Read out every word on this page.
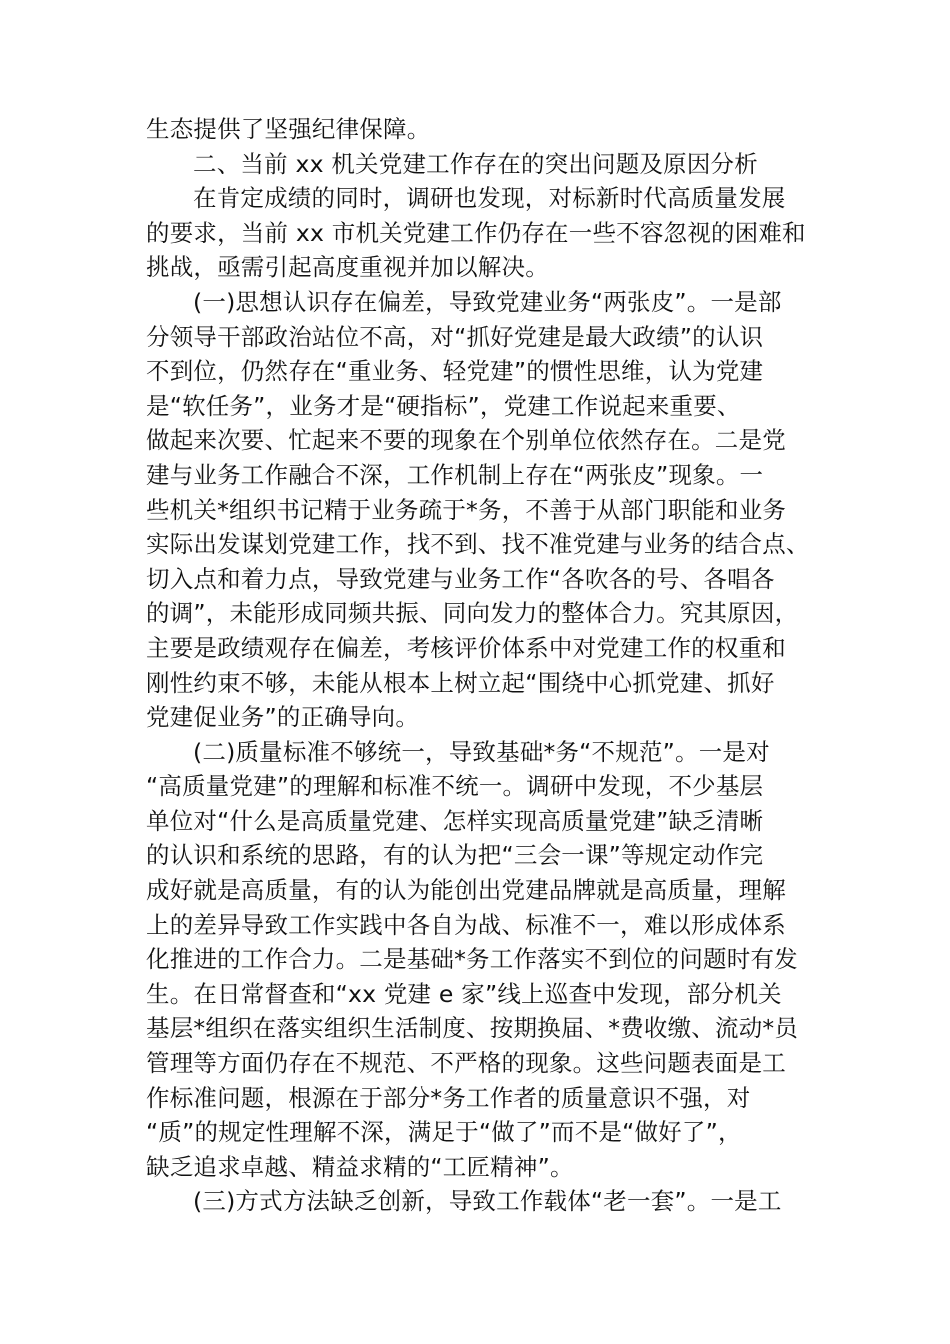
生态提供了坚强纪律保障。
二、当前 xx 机关党建工作存在的突出问题及原因分析
在肯定成绩的同时，调研也发现，对标新时代高质量发展
的要求，当前 xx 市机关党建工作仍存在一些不容忽视的困难和
挑战，亟需引起高度重视并加以解决。
(一)思想认识存在偏差，导致党建业务“两张皮”。一是部
分领导干部政治站位不高，对“抓好党建是最大政绩”的认识
不到位，仍然存在“重业务、轻党建”的惯性思维，认为党建
是“软任务”，业务才是“硬指标”，党建工作说起来重要、
做起来次要、忙起来不要的现象在个别单位依然存在。二是党
建与业务工作融合不深，工作机制上存在“两张皮”现象。一
些机关*组织书记精于业务疏于*务，不善于从部门职能和业务
实际出发谋划党建工作，找不到、找不准党建与业务的结合点、
切入点和着力点，导致党建与业务工作“各吹各的号、各唱各
的调”，未能形成同频共振、同向发力的整体合力。究其原因，
主要是政绩观存在偏差，考核评价体系中对党建工作的权重和
刚性约束不够，未能从根本上树立起“围绕中心抓党建、抓好
党建促业务”的正确导向。
(二)质量标准不够统一，导致基础*务“不规范”。一是对
“高质量党建”的理解和标准不统一。调研中发现，不少基层
单位对“什么是高质量党建、怎样实现高质量党建”缺乏清晰
的认识和系统的思路，有的认为把“三会一课”等规定动作完
成好就是高质量，有的认为能创出党建品牌就是高质量，理解
上的差异导致工作实践中各自为战、标准不一，难以形成体系
化推进的工作合力。二是基础*务工作落实不到位的问题时有发
生。在日常督查和“xx 党建 e 家”线上巡查中发现，部分机关
基层*组织在落实组织生活制度、按期换届、*费收缴、流动*员
管理等方面仍存在不规范、不严格的现象。这些问题表面是工
作标准问题，根源在于部分*务工作者的质量意识不强，对
“质”的规定性理解不深，满足于“做了”而不是“做好了”，
缺乏追求卓越、精益求精的“工匠精神”。
(三)方式方法缺乏创新，导致工作载体“老一套”。一是工
